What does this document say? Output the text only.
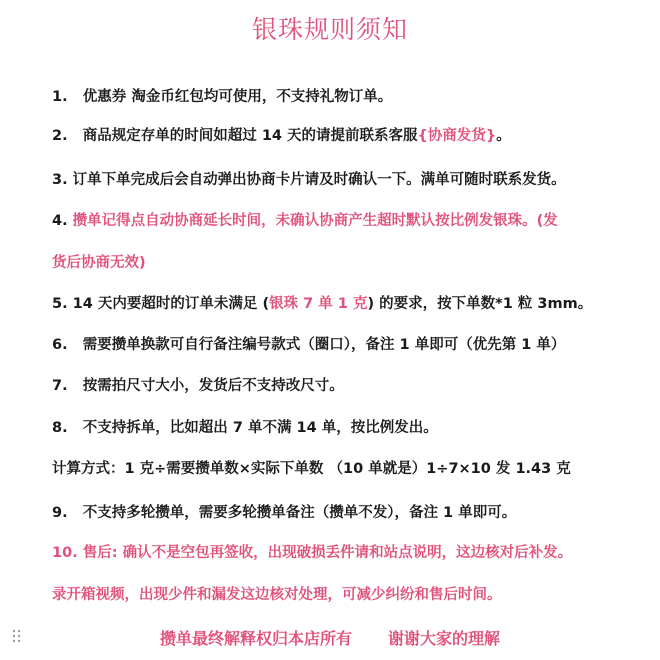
银珠规则须知
1. 优惠券 淘金币红包均可使用，不支持礼物订单。
2. 商品规定存单的时间如超过 14 天的请提前联系客服{协商发货}。
3. 订单下单完成后会自动弹出协商卡片请及时确认一下。满单可随时联系发货。
4. 攒单记得点自动协商延长时间，未确认协商产生超时默认按比例发银珠。(发
货后协商无效)
5. 14 天内要超时的订单未满足 (银珠 7 单 1 克) 的要求，按下单数*1 粒 3mm。
6. 需要攒单换款可自行备注编号款式（圈口），备注 1 单即可（优先第 1 单）
7. 按需拍尺寸大小，发货后不支持改尺寸。
8. 不支持拆单，比如超出 7 单不满 14 单，按比例发出。
计算方式：1 克÷需要攒单数×实际下单数 （10 单就是）1÷7×10 发 1.43 克
9. 不支持多轮攒单，需要多轮攒单备注（攒单不发），备注 1 单即可。
10. 售后: 确认不是空包再签收，出现破损丢件请和站点说明，这边核对后补发。
录开箱视频，出现少件和漏发这边核对处理，可减少纠纷和售后时间。
攒单最终解释权归本店所有 谢谢大家的理解
